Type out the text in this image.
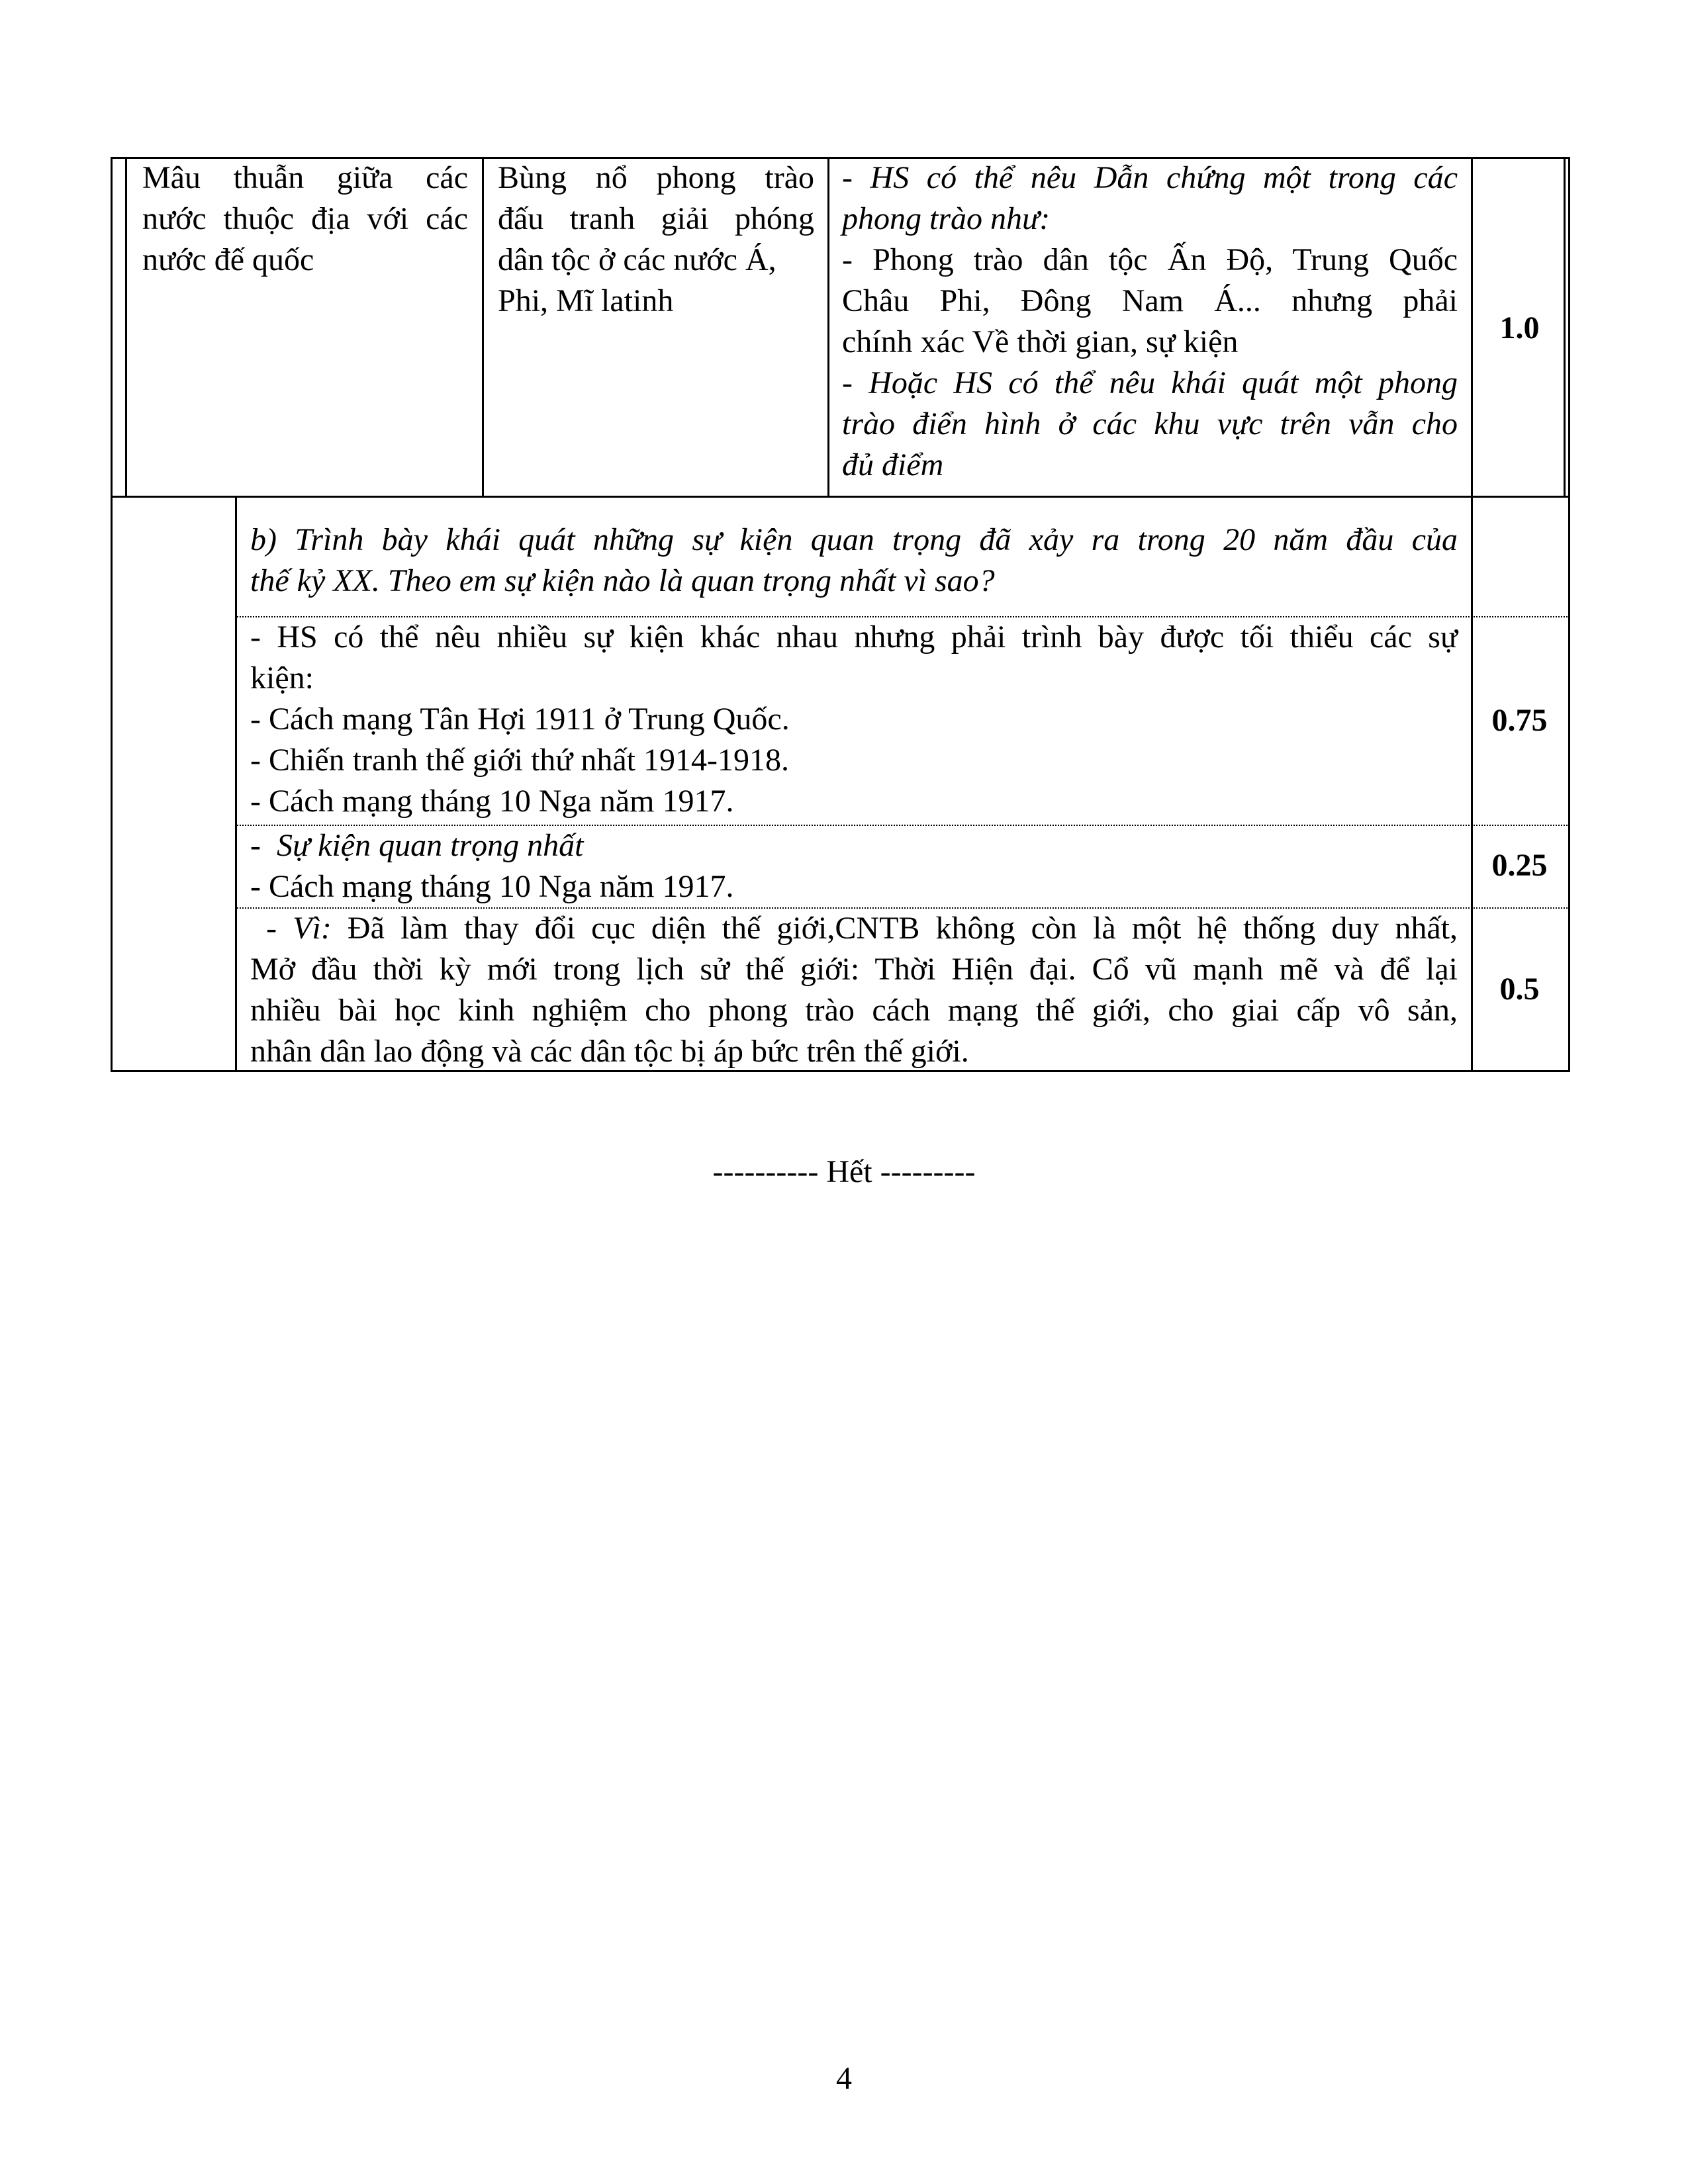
Mâu thuẫn giữa các
nước thuộc địa với các
nước đế quốc
Bùng nổ phong trào
đấu tranh giải phóng
dân tộc ở các nước Á,
Phi, Mĩ latinh
- HS có thể nêu Dẫn chứng một trong các
phong trào như:
- Phong trào dân tộc Ấn Độ, Trung Quốc
Châu Phi, Đông Nam Á... nhưng phải
chính xác Về thời gian, sự kiện
- Hoặc HS có thể nêu khái quát một phong
trào điển hình ở các khu vực trên vẫn cho
đủ điểm
1.0
b) Trình bày khái quát những sự kiện quan trọng đã xảy ra trong 20 năm đầu của
thế kỷ XX. Theo em sự kiện nào là quan trọng nhất vì sao?
- HS có thể nêu nhiều sự kiện khác nhau nhưng phải trình bày được tối thiểu các sự
kiện:
- Cách mạng Tân Hợi 1911 ở Trung Quốc.
- Chiến tranh thế giới thứ nhất 1914-1918.
- Cách mạng tháng 10 Nga năm 1917.
0.75
-  Sự kiện quan trọng nhất
- Cách mạng tháng 10 Nga năm 1917.
0.25
- Vì: Đã làm thay đổi cục diện thế giới,CNTB không còn là một hệ thống duy nhất,
Mở đầu thời kỳ mới trong lịch sử thế giới: Thời Hiện đại. Cổ vũ mạnh mẽ và để lại
nhiều bài học kinh nghiệm cho phong trào cách mạng thế giới, cho giai cấp vô sản,
nhân dân lao động và các dân tộc bị áp bức trên thế giới.
0.5
---------- Hết ---------
4
